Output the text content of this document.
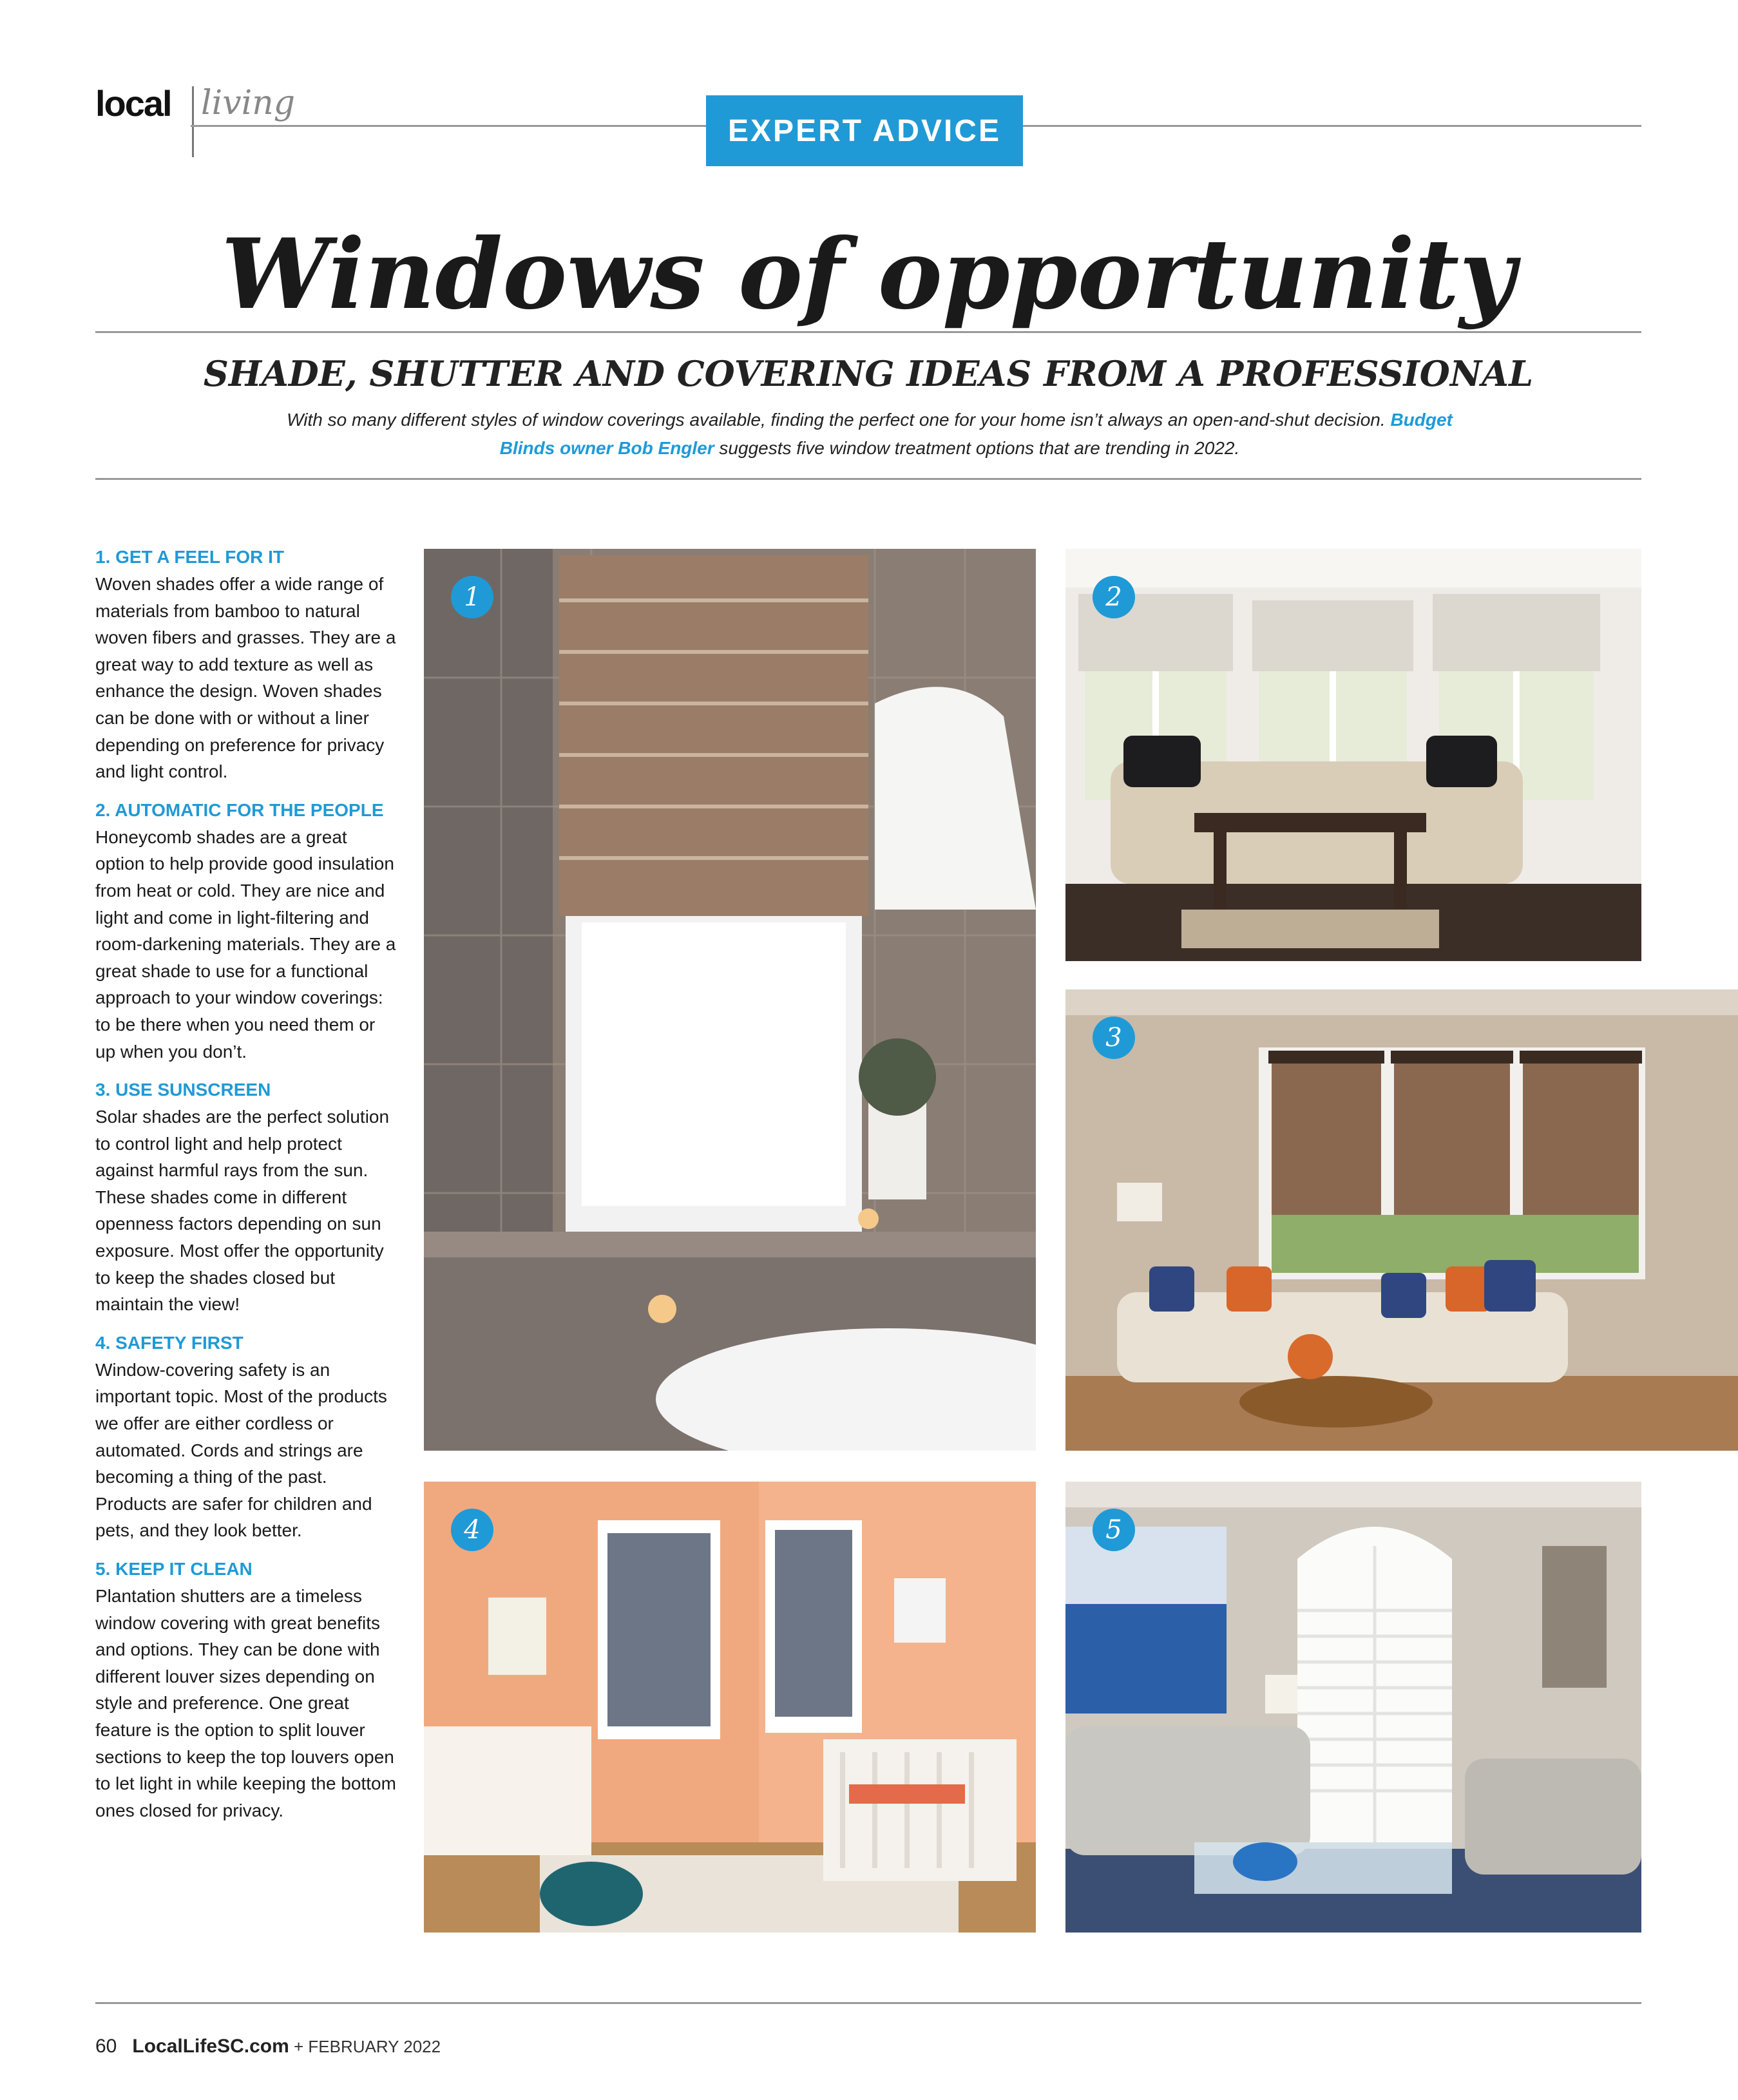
local living
EXPERT ADVICE
Windows of opportunity
SHADE, SHUTTER AND COVERING IDEAS FROM A PROFESSIONAL

With so many different styles of window coverings available, finding the perfect one for your home isn’t always an open-and-shut decision. Budget Blinds owner Bob Engler suggests five window treatment options that are trending in 2022.

1. GET A FEEL FOR IT

Woven shades offer a wide range of materials from bamboo to natural woven fibers and grasses. They are a great way to add texture as well as enhance the design. Woven shades can be done with or without a liner depending on preference for privacy and light control.

2. AUTOMATIC FOR THE PEOPLE

Honeycomb shades are a great option to help provide good insulation from heat or cold. They are nice and light and come in light-filtering and room-darkening materials. They are a great shade to use for a functional approach to your window coverings: to be there when you need them or up when you don’t.

3. USE SUNSCREEN

Solar shades are the perfect solution to control light and help protect against harmful rays from the sun. These shades come in different openness factors depending on sun exposure. Most offer the opportunity to keep the shades closed but maintain the view!

4. SAFETY FIRST

Window-covering safety is an important topic. Most of the products we offer are either cordless or automated. Cords and strings are becoming a thing of the past. Products are safer for children and pets, and they look better.

5. KEEP IT CLEAN

Plantation shutters are a timeless window covering with great benefits and options. They can be done with different louver sizes depending on style and preference. One great feature is the option to split louver sections to keep the top louvers open to let light in while keeping the bottom ones closed for privacy.

1	2
3
4	5
60 LocalLifeSC.com + FEBRUARY 2022
